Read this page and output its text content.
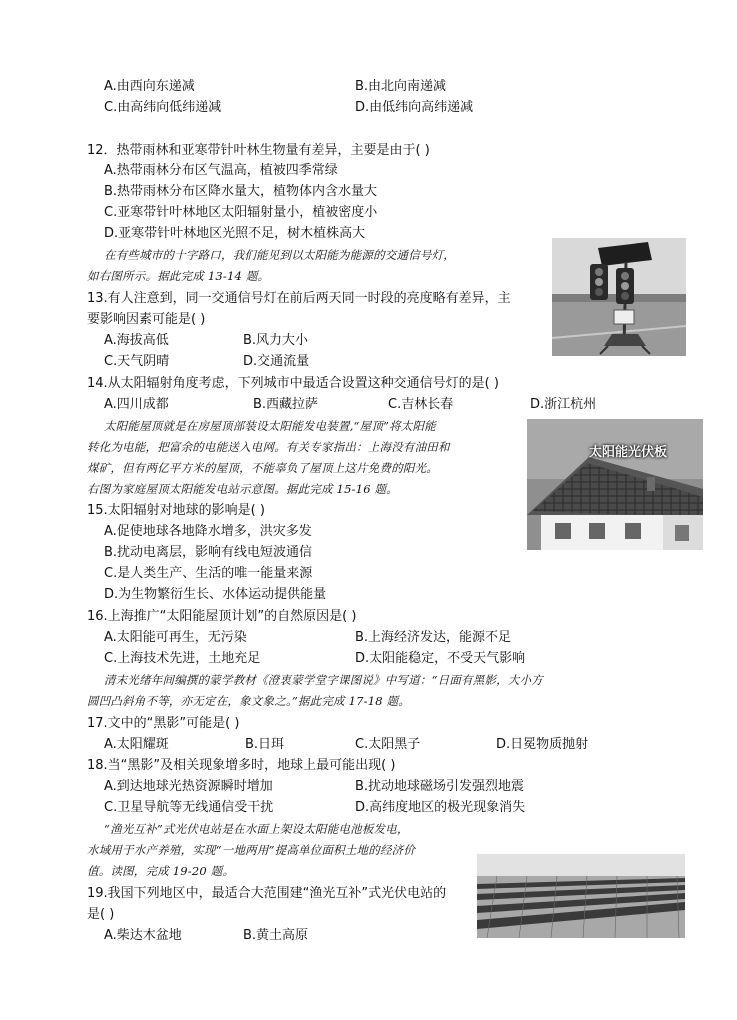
A.由西向东递减	B.由北向南递减
C.由高纬向低纬递减	D.由低纬向高纬递减
12．热带雨林和亚寒带针叶林生物量有差异，主要是由于( )
A.热带雨林分布区气温高，植被四季常绿
B.热带雨林分布区降水量大，植物体内含水量大
C.亚寒带针叶林地区太阳辐射量小，植被密度小
D.亚寒带针叶林地区光照不足，树木植株高大
在有些城市的十字路口，我们能见到以太阳能为能源的交通信号灯，
如右图所示。据此完成 13-14 题。
13.有人注意到，同一交通信号灯在前后两天同一时段的亮度略有差异，主
要影响因素可能是( )
A.海拔高低	B.风力大小
C.天气阴晴	D.交通流量
14.从太阳辐射角度考虑，下列城市中最适合设置这种交通信号灯的是( )
A.四川成都	B.西藏拉萨	C.吉林长春	D.浙江杭州
太阳能屋顶就是在房屋顶部装设太阳能发电装置,“屋顶”将太阳能
转化为电能，把富余的电能送入电网。有关专家指出：上海没有油田和
煤矿，但有两亿平方米的屋顶，不能辜负了屋顶上这片免费的阳光。
右图为家庭屋顶太阳能发电站示意图。据此完成 15-16 题。
太阳能光伏板
15.太阳辐射对地球的影响是( )
A.促使地球各地降水增多，洪灾多发
B.扰动电离层，影响有线电短波通信
C.是人类生产、生活的唯一能量来源
D.为生物繁衍生长、水体运动提供能量
16.上海推广“太阳能屋顶计划”的自然原因是( )
A.太阳能可再生，无污染	B.上海经济发达，能源不足
C.上海技术先进，土地充足	D.太阳能稳定，不受天气影响
清末光绪年间编撰的蒙学教材《澄衷蒙学堂字课图说》中写道：“日面有黑影，大小方
圆凹凸斜角不等，亦无定在，象文象之。”据此完成 17-18 题。
17.文中的“黑影”可能是( )
A.太阳耀斑	B.日珥	C.太阳黑子	D.日冕物质抛射
18.当“黑影”及相关现象增多时，地球上最可能出现( )
A.到达地球光热资源瞬时增加	B.扰动地球磁场引发强烈地震
C.卫星导航等无线通信受干扰	D.高纬度地区的极光现象消失
“渔光互补”式光伏电站是在水面上架设太阳能电池板发电，
水域用于水产养殖，实现“一地两用”提高单位面积土地的经济价
值。读图，完成 19-20 题。
19.我国下列地区中，最适合大范围建“渔光互补”式光伏电站的
是( )
A.柴达木盆地	B.黄土高原
